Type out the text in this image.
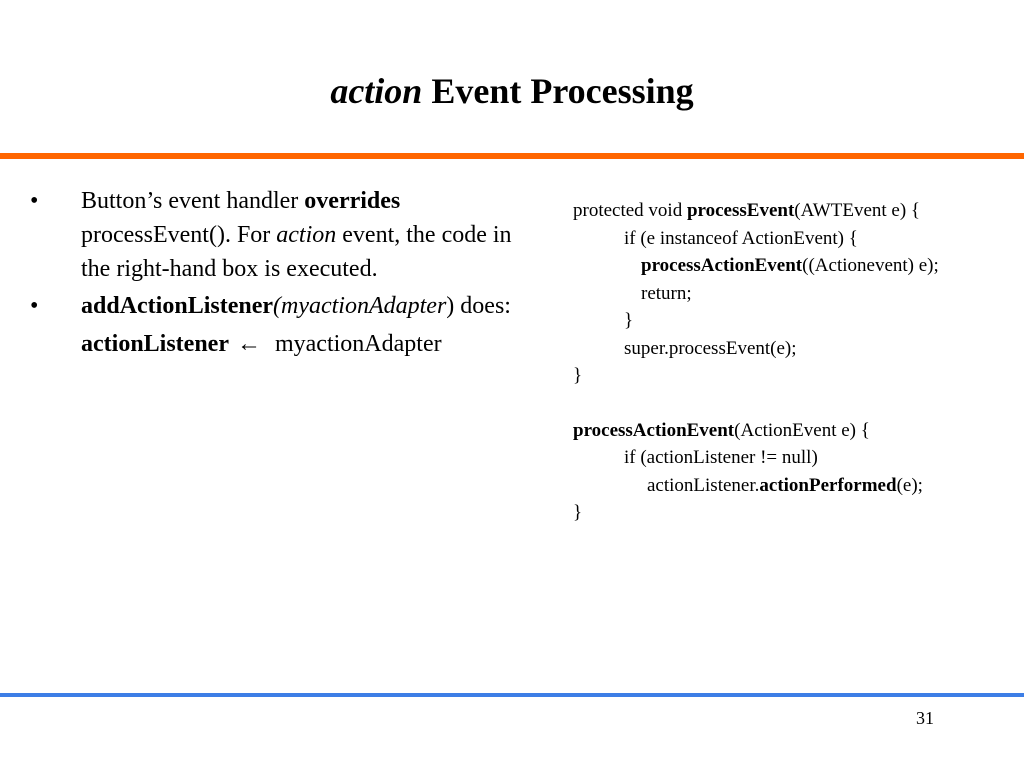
action Event Processing
• Button’s event handler overrides processEvent(). For action event, the code in the right-hand box is executed.
• addActionListener(myactionAdapter) does:
actionListener ← myactionAdapter
protected void processEvent(AWTEvent e) {
if (e instanceof ActionEvent) {
processActionEvent((Actionevent) e);
return;
}
super.processEvent(e);
}
processActionEvent(ActionEvent e) {
if (actionListener != null)
actionListener.actionPerformed(e);
}
31
